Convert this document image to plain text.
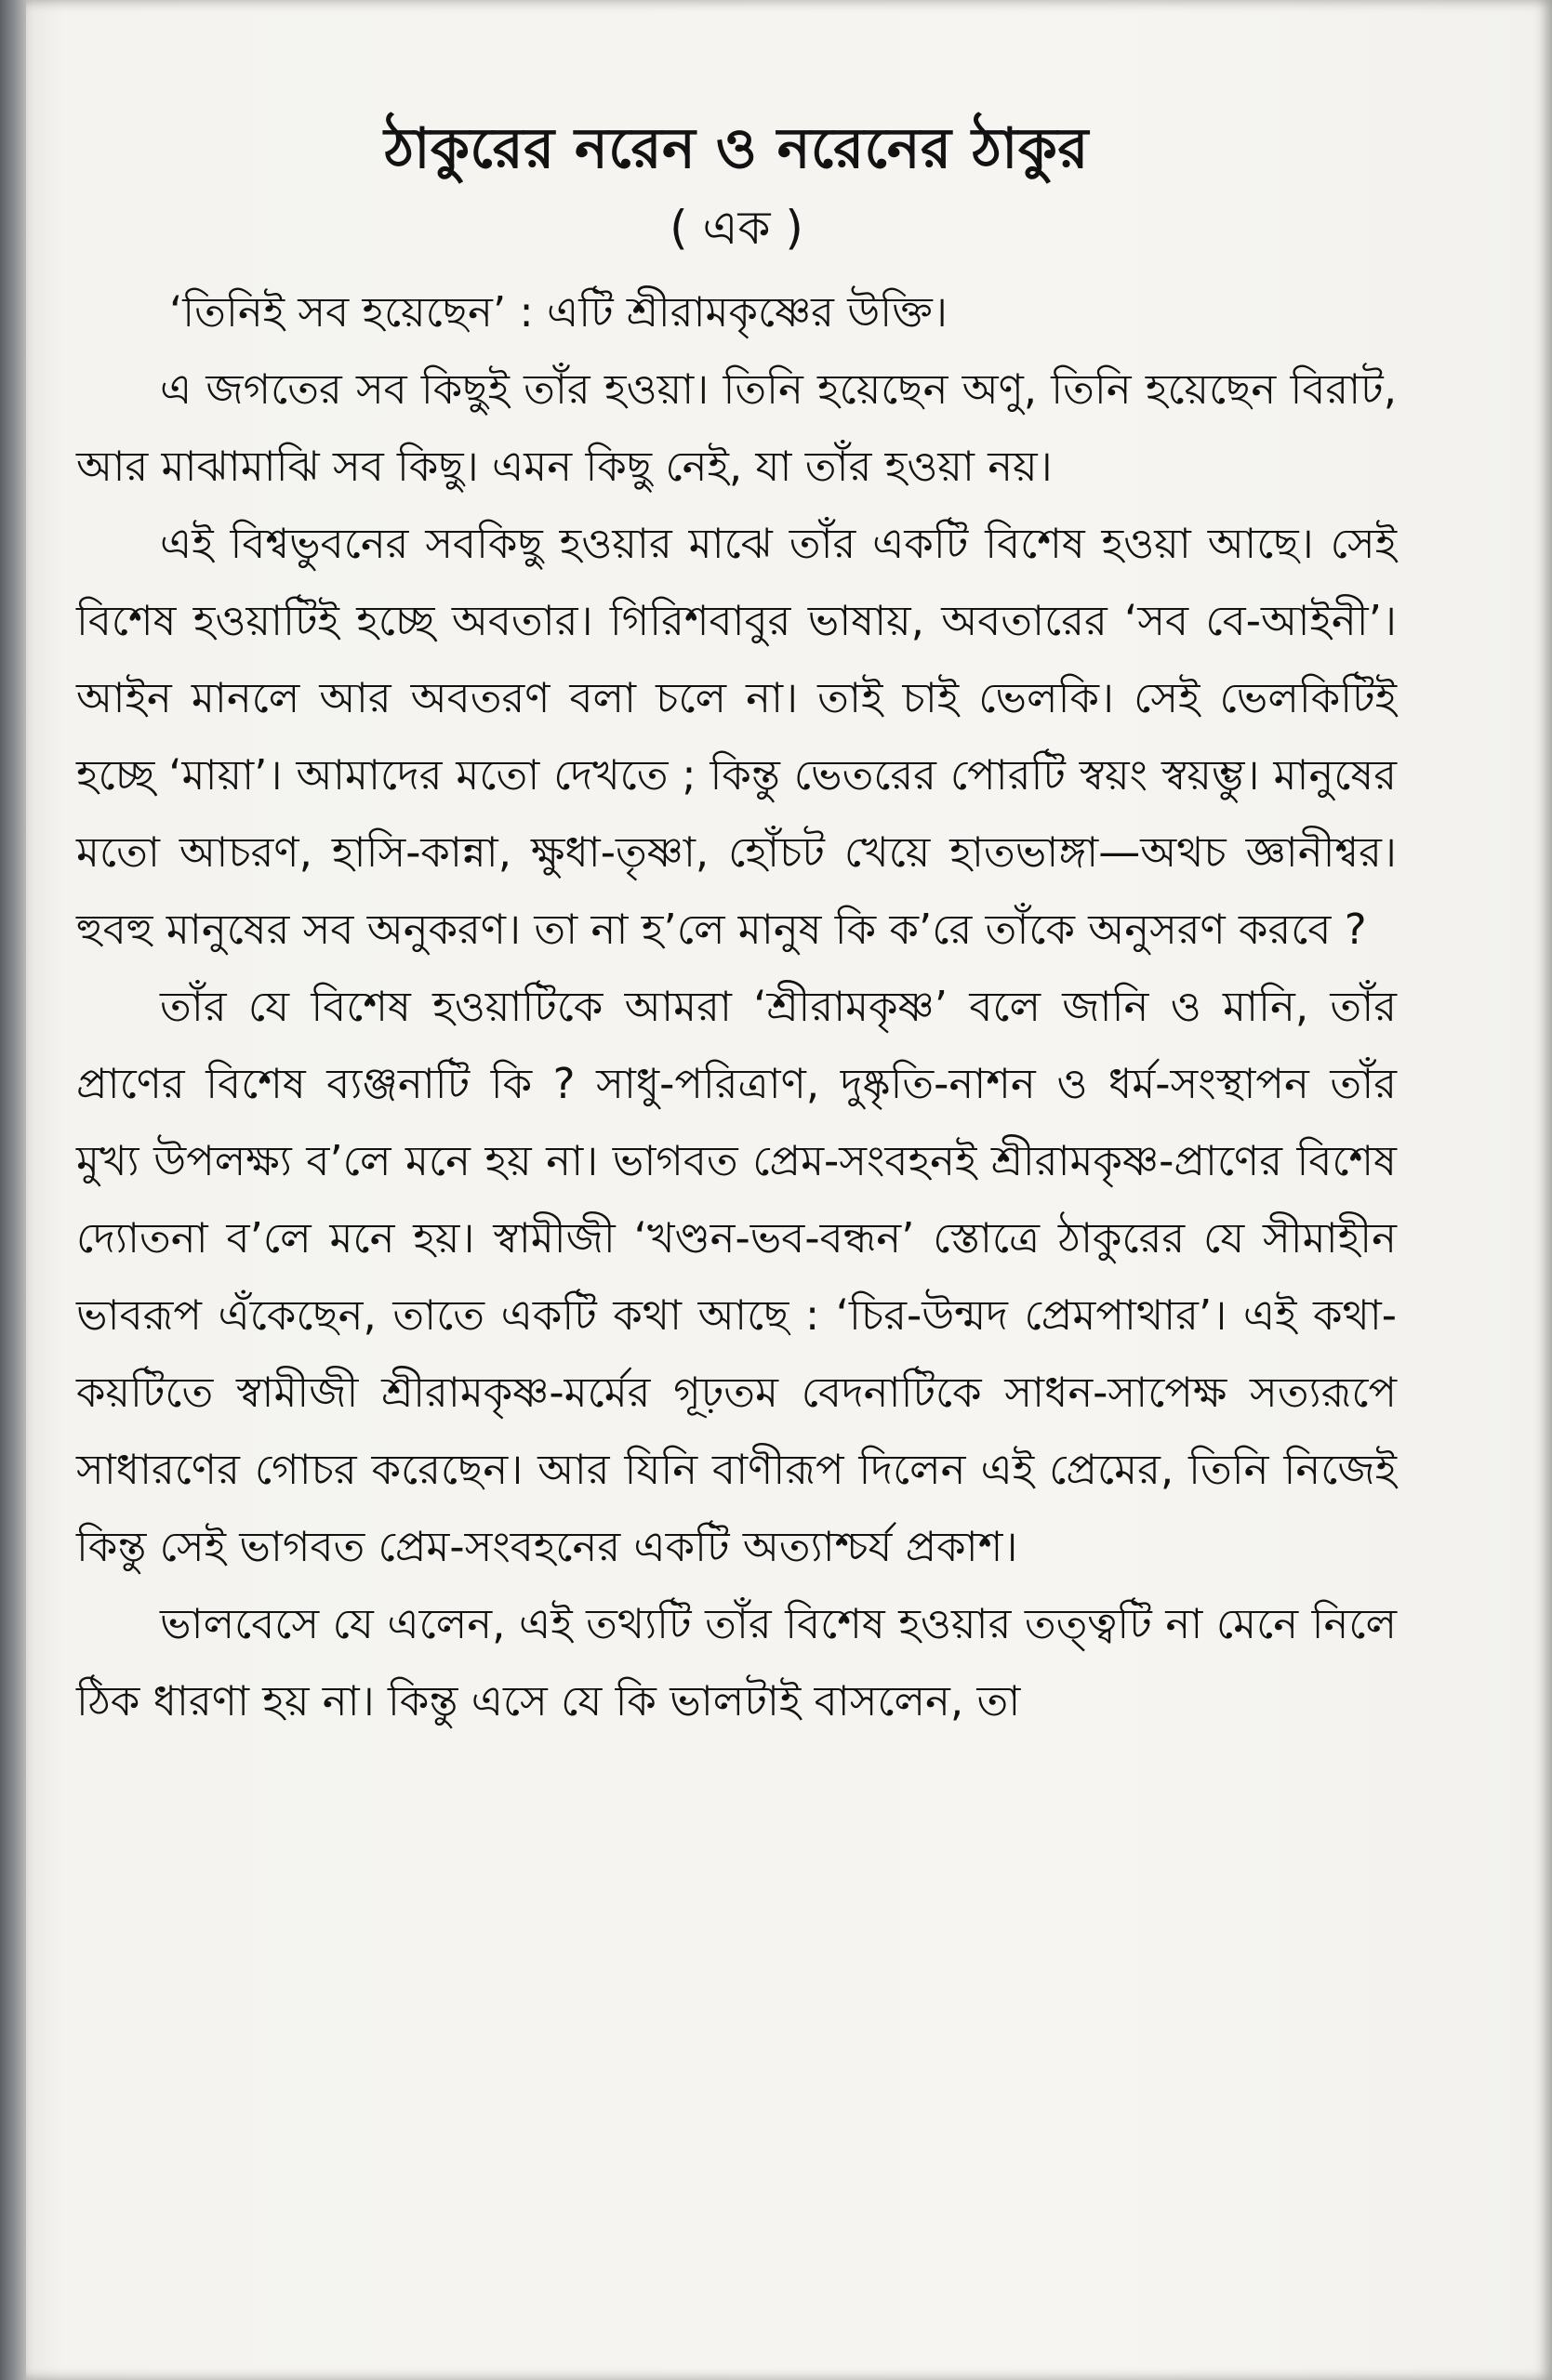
ঠাকুরের নরেন ও নরেনের ঠাকুর
( এক )

‘তিনিই সব হয়েছেন’ : এটি শ্রীরামকৃষ্ণের উক্তি।

এ জগতের সব কিছুই তাঁর হওয়া। তিনি হয়েছেন অণু, তিনি হয়েছেন বিরাট, আর মাঝামাঝি সব কিছু। এমন কিছু নেই, যা তাঁর হওয়া নয়।

এই বিশ্বভুবনের সবকিছু হওয়ার মাঝে তাঁর একটি বিশেষ হওয়া আছে। সেই বিশেষ হওয়াটিই হচ্ছে অবতার। গিরিশবাবুর ভাষায়, অবতারের ‘সব বে-আইনী’। আইন মানলে আর অবতরণ বলা চলে না। তাই চাই ভেলকি। সেই ভেলকিটিই হচ্ছে ‘মায়া’। আমাদের মতো দেখতে ; কিন্তু ভেতরের পোরটি স্বয়ং স্বয়ম্ভু। মানুষের মতো আচরণ, হাসি-কান্না, ক্ষুধা-তৃষ্ণা, হোঁচট খেয়ে হাতভাঙ্গা—অথচ জ্ঞানীশ্বর। হুবহু মানুষের সব অনুকরণ। তা না হ’লে মানুষ কি ক’রে তাঁকে অনুসরণ করবে ?

তাঁর যে বিশেষ হওয়াটিকে আমরা ‘শ্রীরামকৃষ্ণ’ বলে জানি ও মানি, তাঁর প্রাণের বিশেষ ব্যঞ্জনাটি কি ? সাধু-পরিত্রাণ, দুষ্কৃতি-নাশন ও ধর্ম-সংস্থাপন তাঁর মুখ্য উপলক্ষ্য ব’লে মনে হয় না। ভাগবত প্রেম-সংবহনই শ্রীরামকৃষ্ণ-প্রাণের বিশেষ দ্যোতনা ব’লে মনে হয়। স্বামীজী ‘খণ্ডন-ভব-বন্ধন’ স্তোত্রে ঠাকুরের যে সীমাহীন ভাবরূপ এঁকেছেন, তাতে একটি কথা আছে : ‘চির-উন্মদ প্রেমপাথার’। এই কথা-কয়টিতে স্বামীজী শ্রীরামকৃষ্ণ-মর্মের গূঢ়তম বেদনাটিকে সাধন-সাপেক্ষ সত্যরূপে সাধারণের গোচর করেছেন। আর যিনি বাণীরূপ দিলেন এই প্রেমের, তিনি নিজেই কিন্তু সেই ভাগবত প্রেম-সংবহনের একটি অত্যাশ্চর্য প্রকাশ।

ভালবেসে যে এলেন, এই তথ্যটি তাঁর বিশেষ হওয়ার তত্ত্বটি না মেনে নিলে ঠিক ধারণা হয় না। কিন্তু এসে যে কি ভালটাই বাসলেন, তা
